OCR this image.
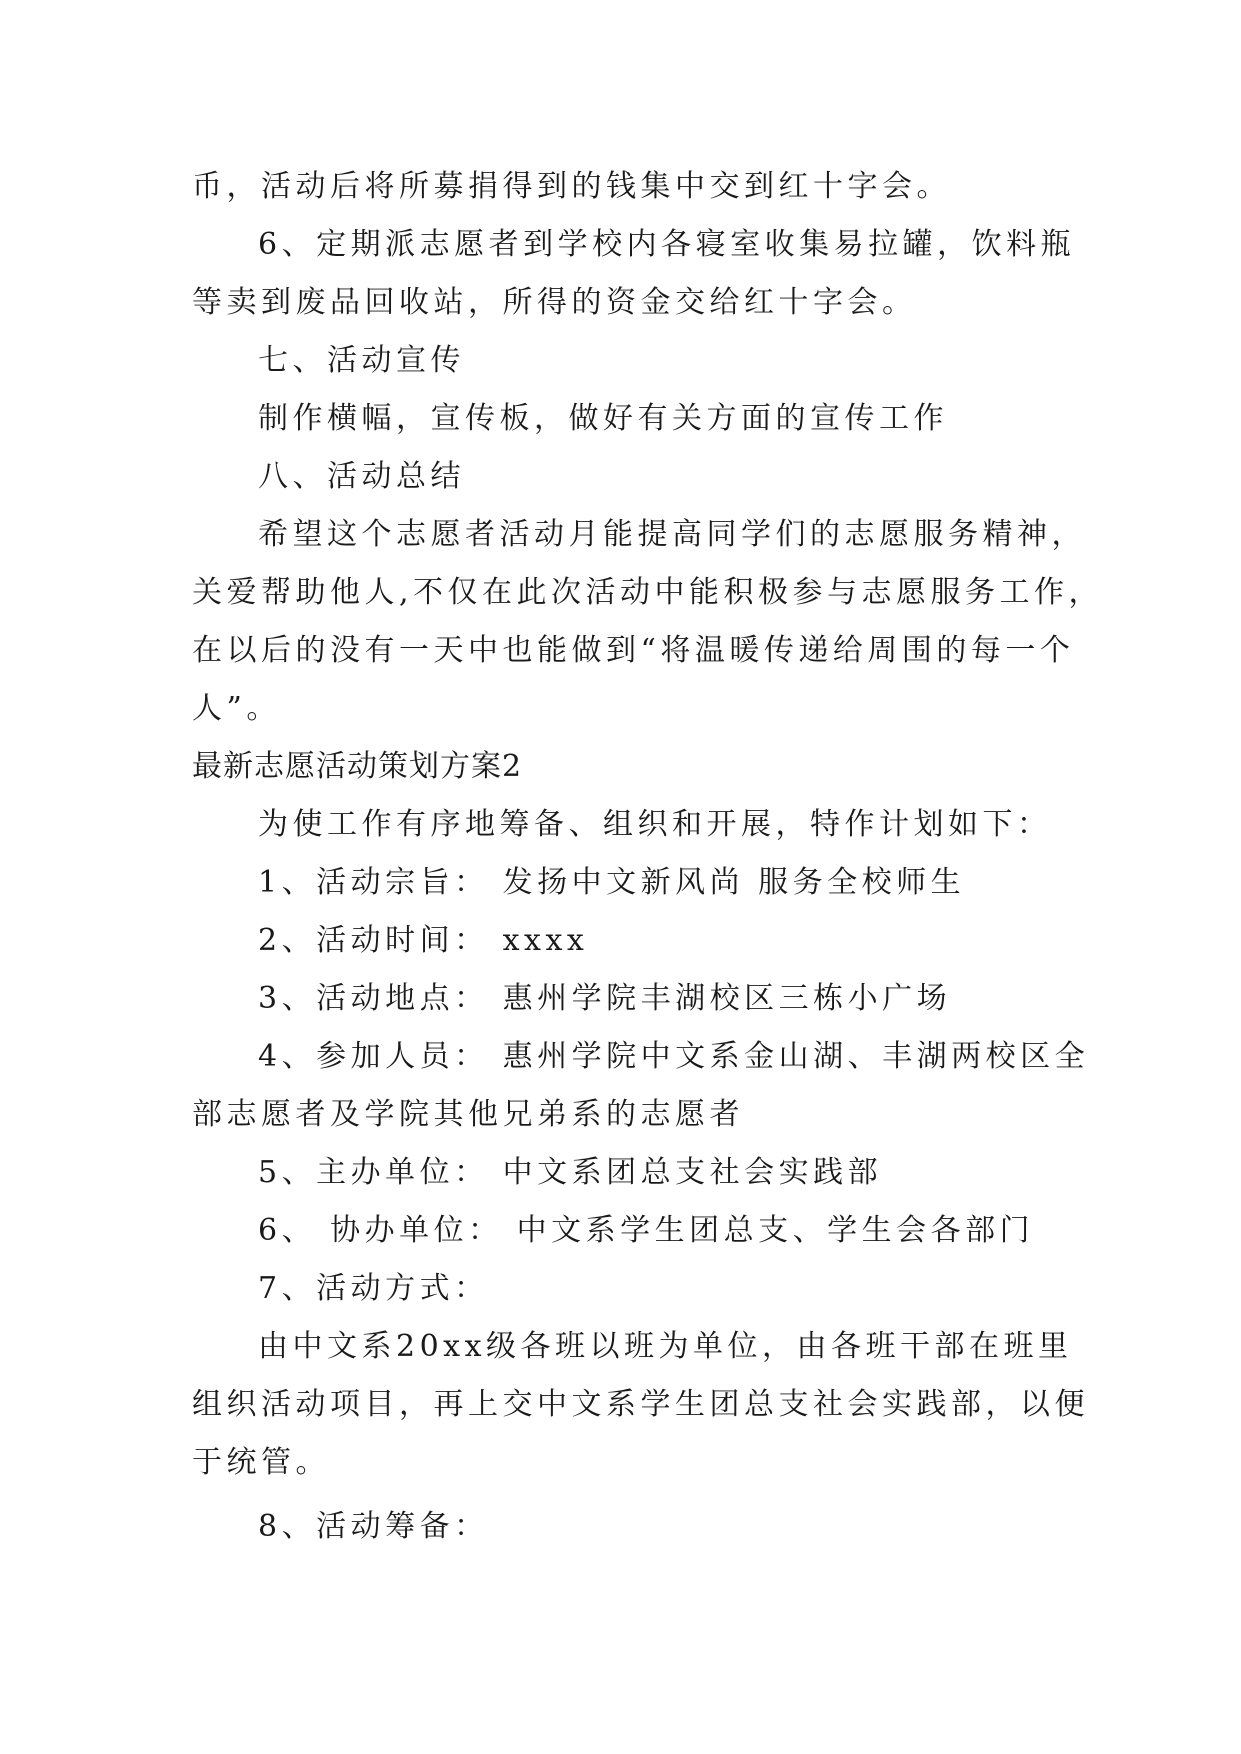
币，活动后将所募捐得到的钱集中交到红十字会。

6、定期派志愿者到学校内各寝室收集易拉罐，饮料瓶

等卖到废品回收站，所得的资金交给红十字会。

七、活动宣传

制作横幅，宣传板，做好有关方面的宣传工作

八、活动总结

希望这个志愿者活动月能提高同学们的志愿服务精神，

关爱帮助他人,不仅在此次活动中能积极参与志愿服务工作，

在以后的没有一天中也能做到“将温暖传递给周围的每一个

人”。

最新志愿活动策划方案2

为使工作有序地筹备、组织和开展，特作计划如下：

1、活动宗旨： 发扬中文新风尚 服务全校师生

2、活动时间： xxxx

3、活动地点： 惠州学院丰湖校区三栋小广场

4、参加人员： 惠州学院中文系金山湖、丰湖两校区全

部志愿者及学院其他兄弟系的志愿者

5、主办单位： 中文系团总支社会实践部

6、 协办单位： 中文系学生团总支、学生会各部门

7、活动方式：

由中文系20xx级各班以班为单位，由各班干部在班里

组织活动项目，再上交中文系学生团总支社会实践部，以便

于统管。

8、活动筹备：
